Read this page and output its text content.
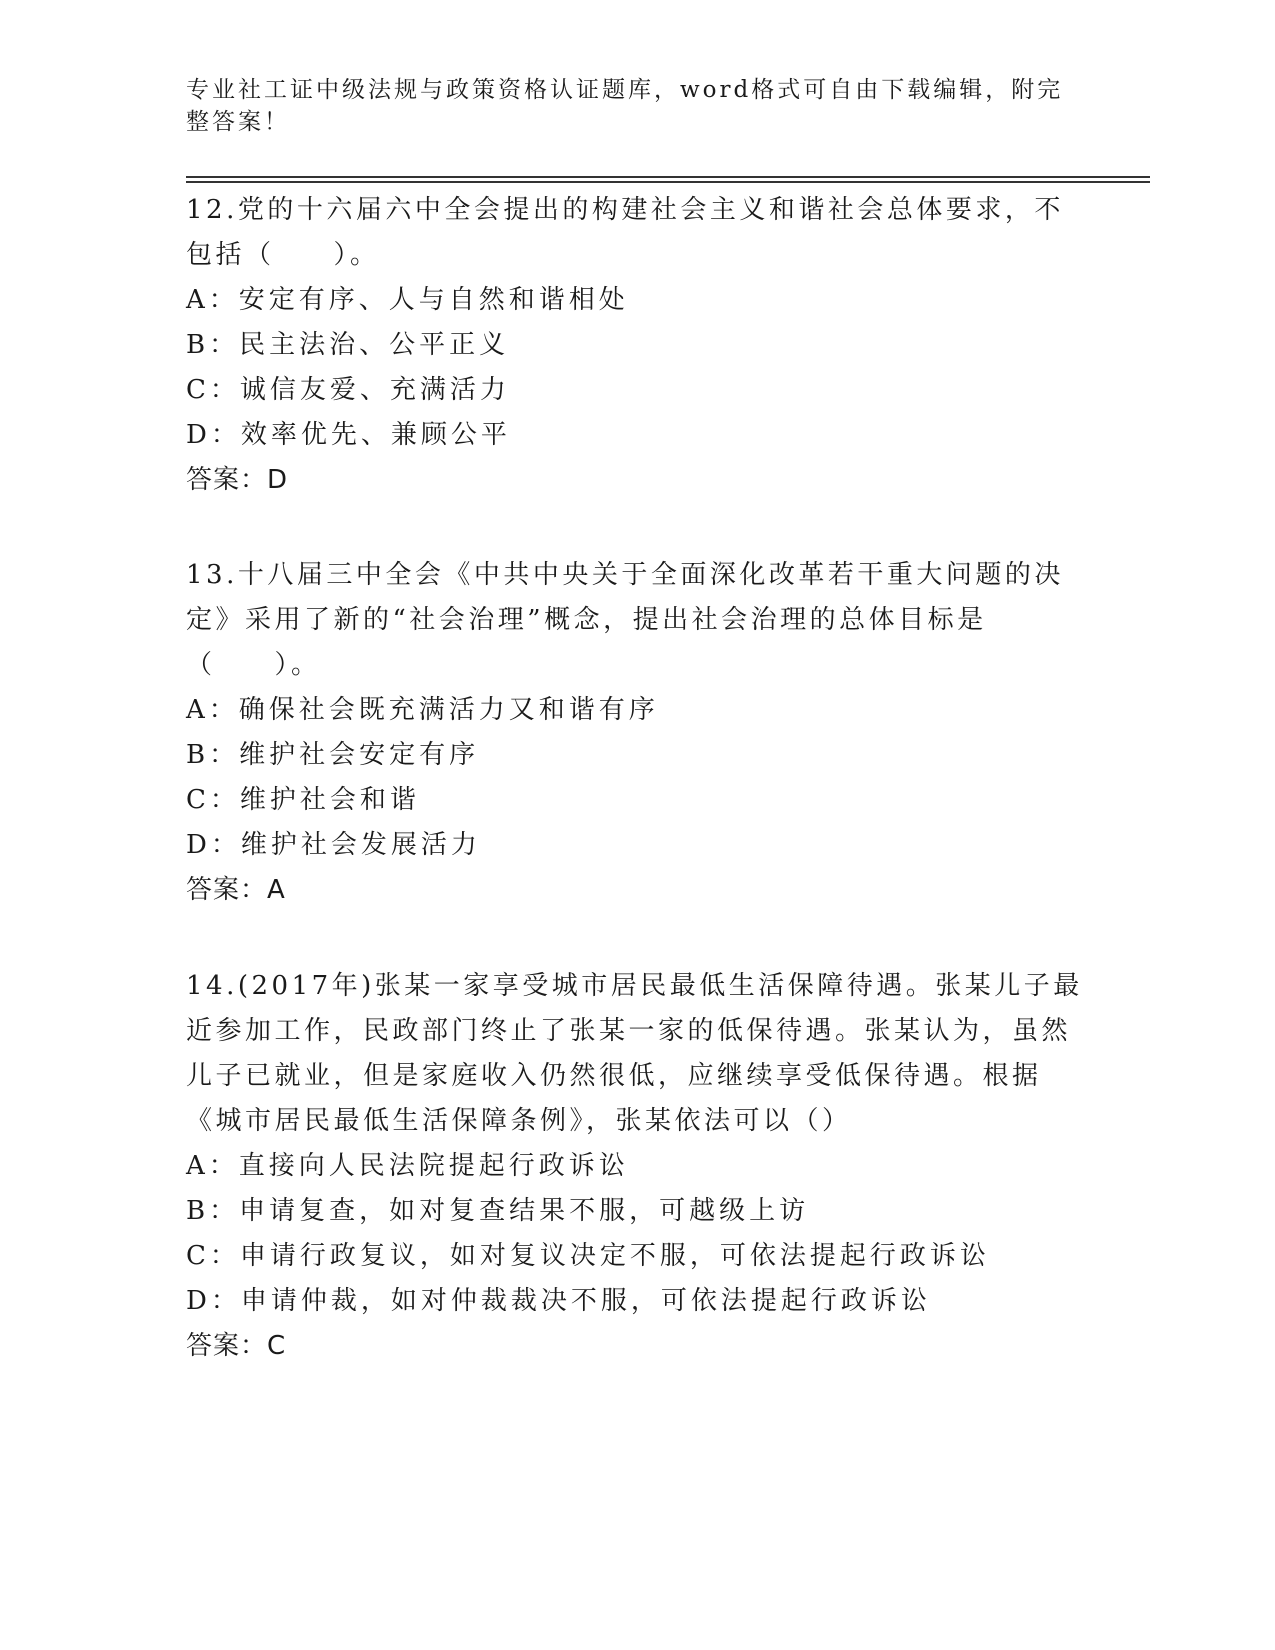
专业社工证中级法规与政策资格认证题库，word格式可自由下载编辑，附完整答案！

12.党的十六届六中全会提出的构建社会主义和谐社会总体要求，不包括（　　）。

A：安定有序、人与自然和谐相处

B：民主法治、公平正义

C：诚信友爱、充满活力

D：效率优先、兼顾公平

答案：D

13.十八届三中全会《中共中央关于全面深化改革若干重大问题的决定》采用了新的“社会治理”概念，提出社会治理的总体目标是（　　）。

A：确保社会既充满活力又和谐有序

B：维护社会安定有序

C：维护社会和谐

D：维护社会发展活力

答案：A

14.(2017年)张某一家享受城市居民最低生活保障待遇。张某儿子最近参加工作，民政部门终止了张某一家的低保待遇。张某认为，虽然儿子已就业，但是家庭收入仍然很低，应继续享受低保待遇。根据《城市居民最低生活保障条例》，张某依法可以（）

A：直接向人民法院提起行政诉讼

B：申请复查，如对复查结果不服，可越级上访

C：申请行政复议，如对复议决定不服，可依法提起行政诉讼

D：申请仲裁，如对仲裁裁决不服，可依法提起行政诉讼

答案：C
